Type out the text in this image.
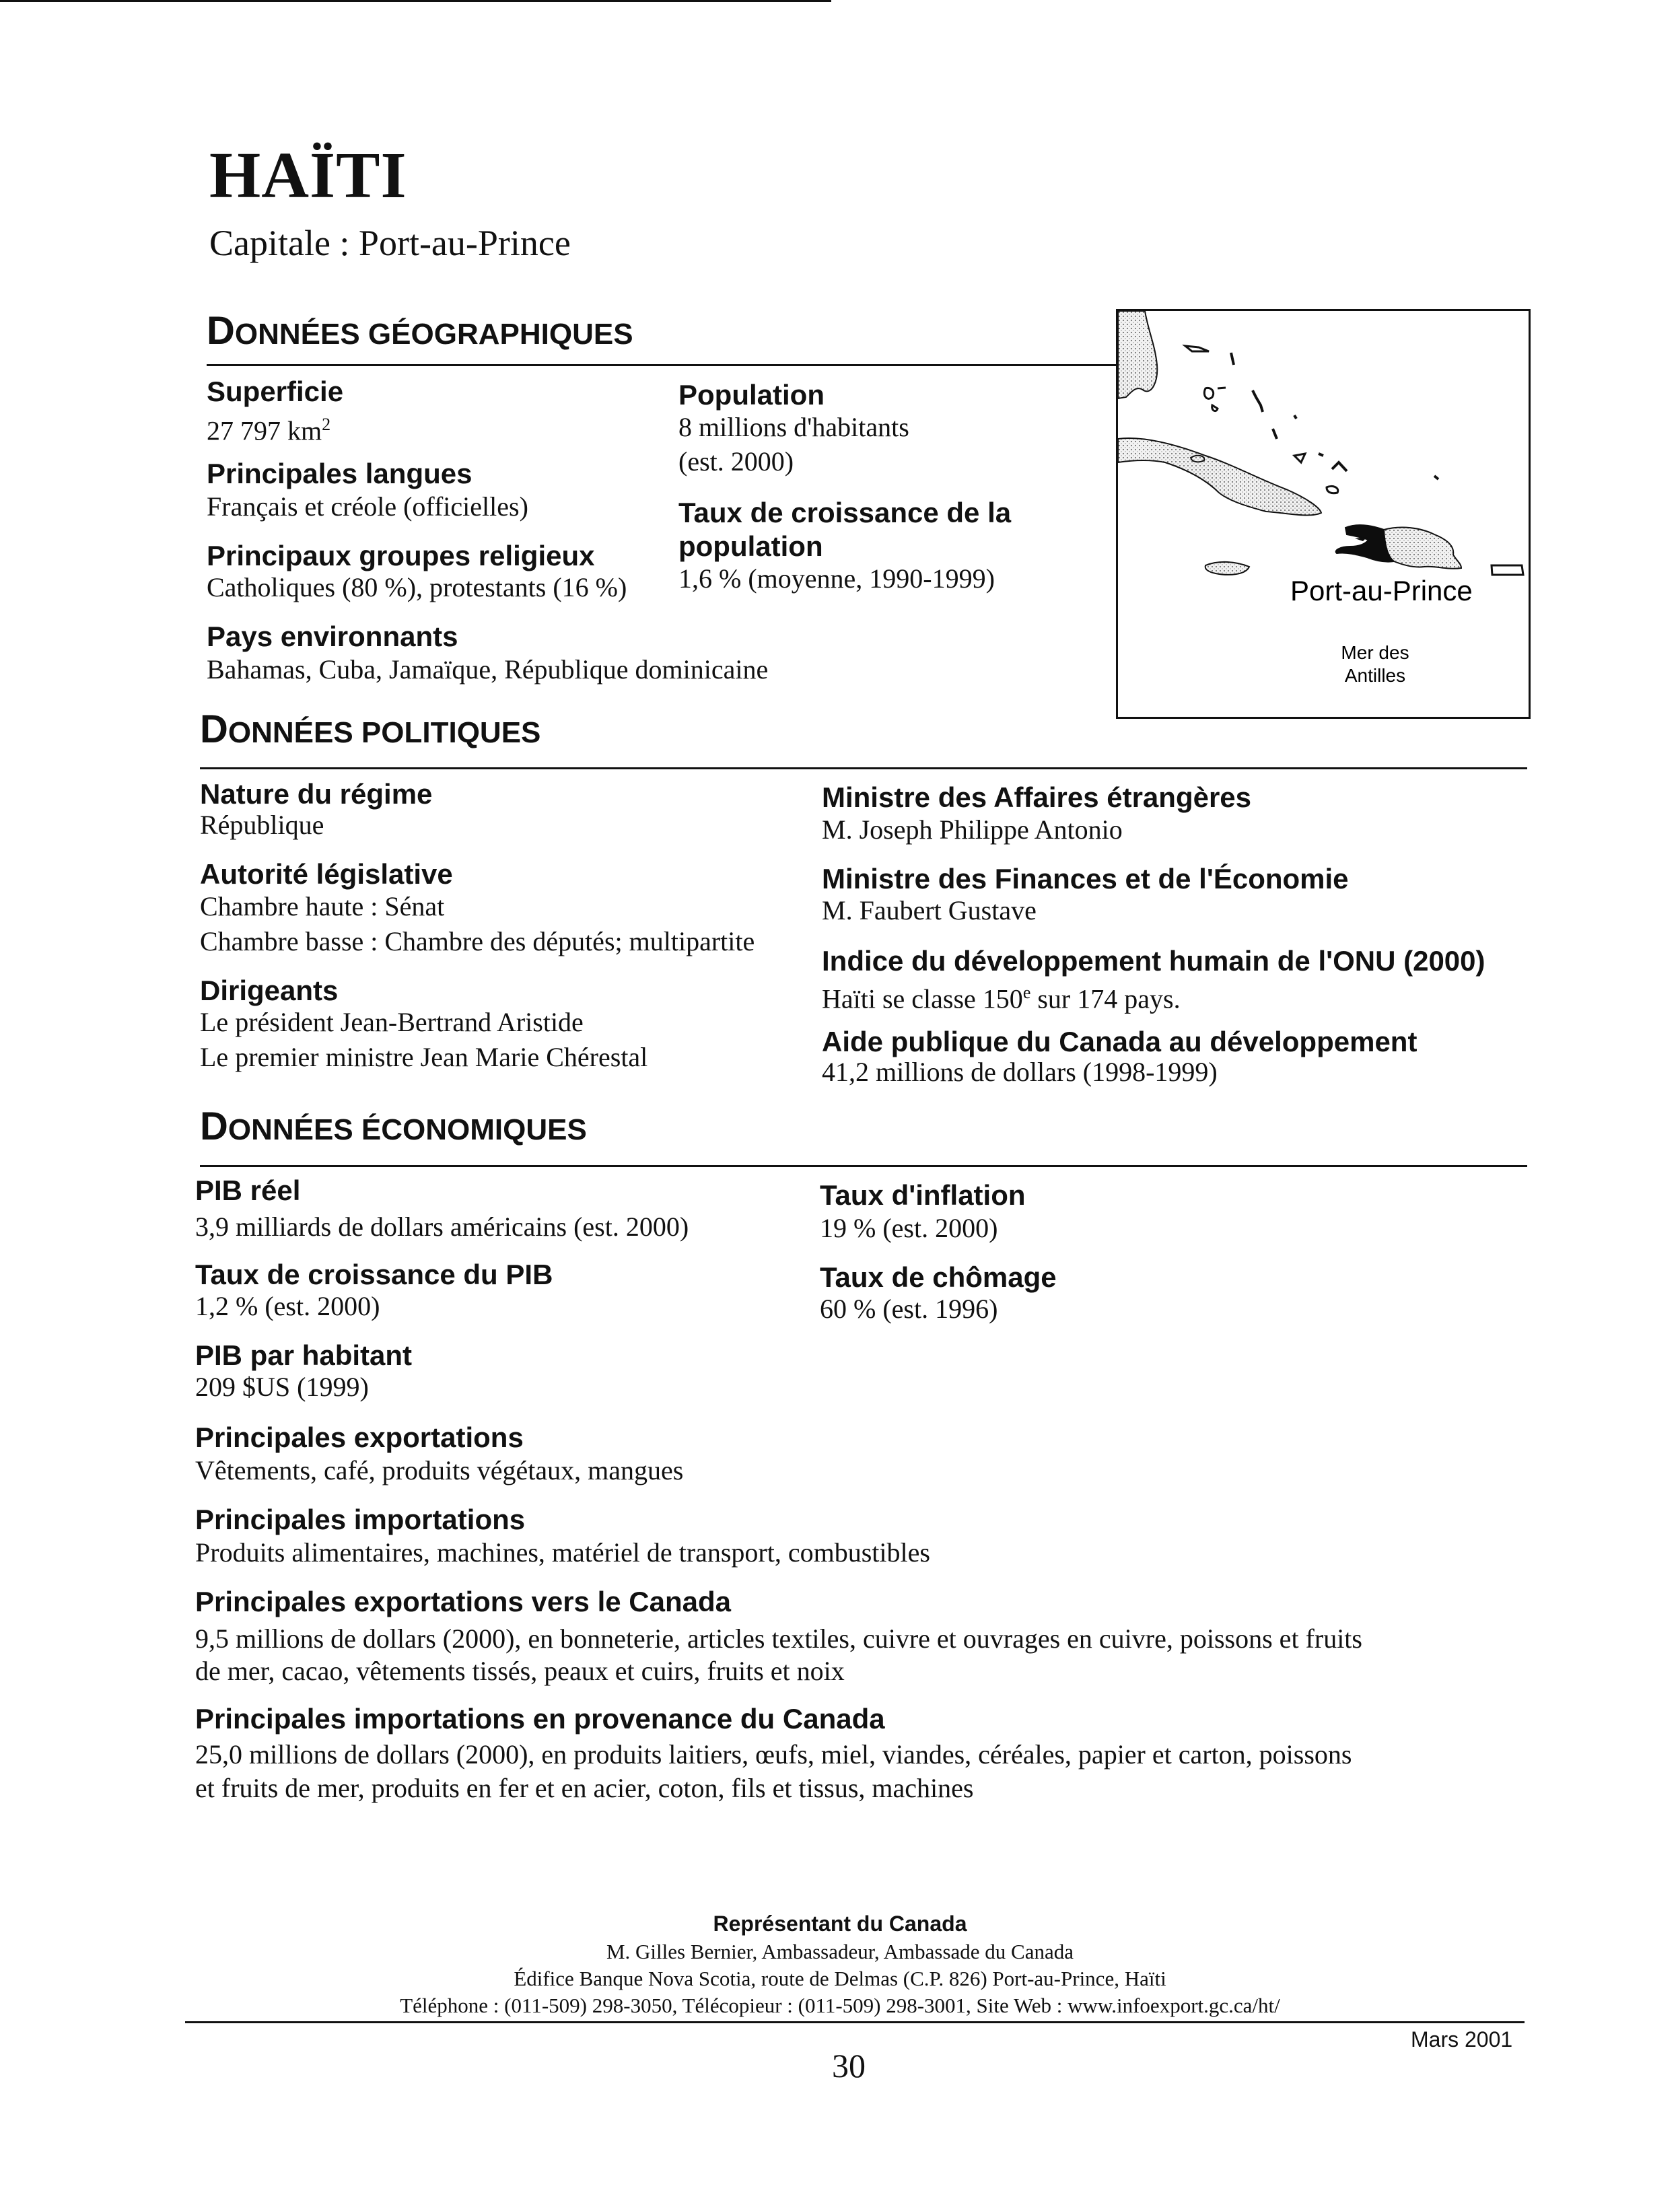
HAÏTI
Capitale : Port-au-Prince
DONNÉES GÉOGRAPHIQUES
Superficie
27 797 $km^2$
Principales langues
Français et créole (officielles)
Principaux groupes religieux
Catholiques (80 %), protestants (16 %)
Pays environnants
Bahamas, Cuba, Jamaïque, République dominicaine
Population
8 millions d'habitants
(est. 2000)
Taux de croissance de la
population
1,6 % (moyenne, 1990-1999)	Port-au-Prince
Mer des
Antilles
DONNÉES POLITIQUES
Nature du régime
République
Autorité législative
Chambre haute : Sénat
Chambre basse : Chambre des députés; multipartite
Dirigeants
Le président Jean-Bertrand Aristide
Le premier ministre Jean Marie Chérestal
Ministre des Affaires étrangères
M. Joseph Philippe Antonio
Ministre des Finances et de l'Économie
M. Faubert Gustave
Indice du développement humain de l'ONU (2000)
Haïti se classe 150e sur 174 pays.
Aide publique du Canada au développement
41,2 millions de dollars (1998-1999)
DONNÉES ÉCONOMIQUES
PIB réel
3,9 milliards de dollars américains (est. 2000)
Taux de croissance du PIB
1,2 % (est. 2000)
PIB par habitant
209 $US (1999)
Principales exportations
Vêtements, café, produits végétaux, mangues
Principales importations
Produits alimentaires, machines, matériel de transport, combustibles
Principales exportations vers le Canada
9,5 millions de dollars (2000), en bonneterie, articles textiles, cuivre et ouvrages en cuivre, poissons et fruits
de mer, cacao, vêtements tissés, peaux et cuirs, fruits et noix
Principales importations en provenance du Canada
25,0 millions de dollars (2000), en produits laitiers, œufs, miel, viandes, céréales, papier et carton, poissons
et fruits de mer, produits en fer et en acier, coton, fils et tissus, machines
Taux d'inflation
19 % (est. 2000)
Taux de chômage
60 % (est. 1996)
Représentant du Canada
M. Gilles Bernier, Ambassadeur, Ambassade du Canada
Édifice Banque Nova Scotia, route de Delmas (C.P. 826) Port-au-Prince, Haïti
Téléphone : (011-509) 298-3050, Télécopieur : (011-509) 298-3001, Site Web : www.infoexport.gc.ca/ht/
Mars 2001
30
